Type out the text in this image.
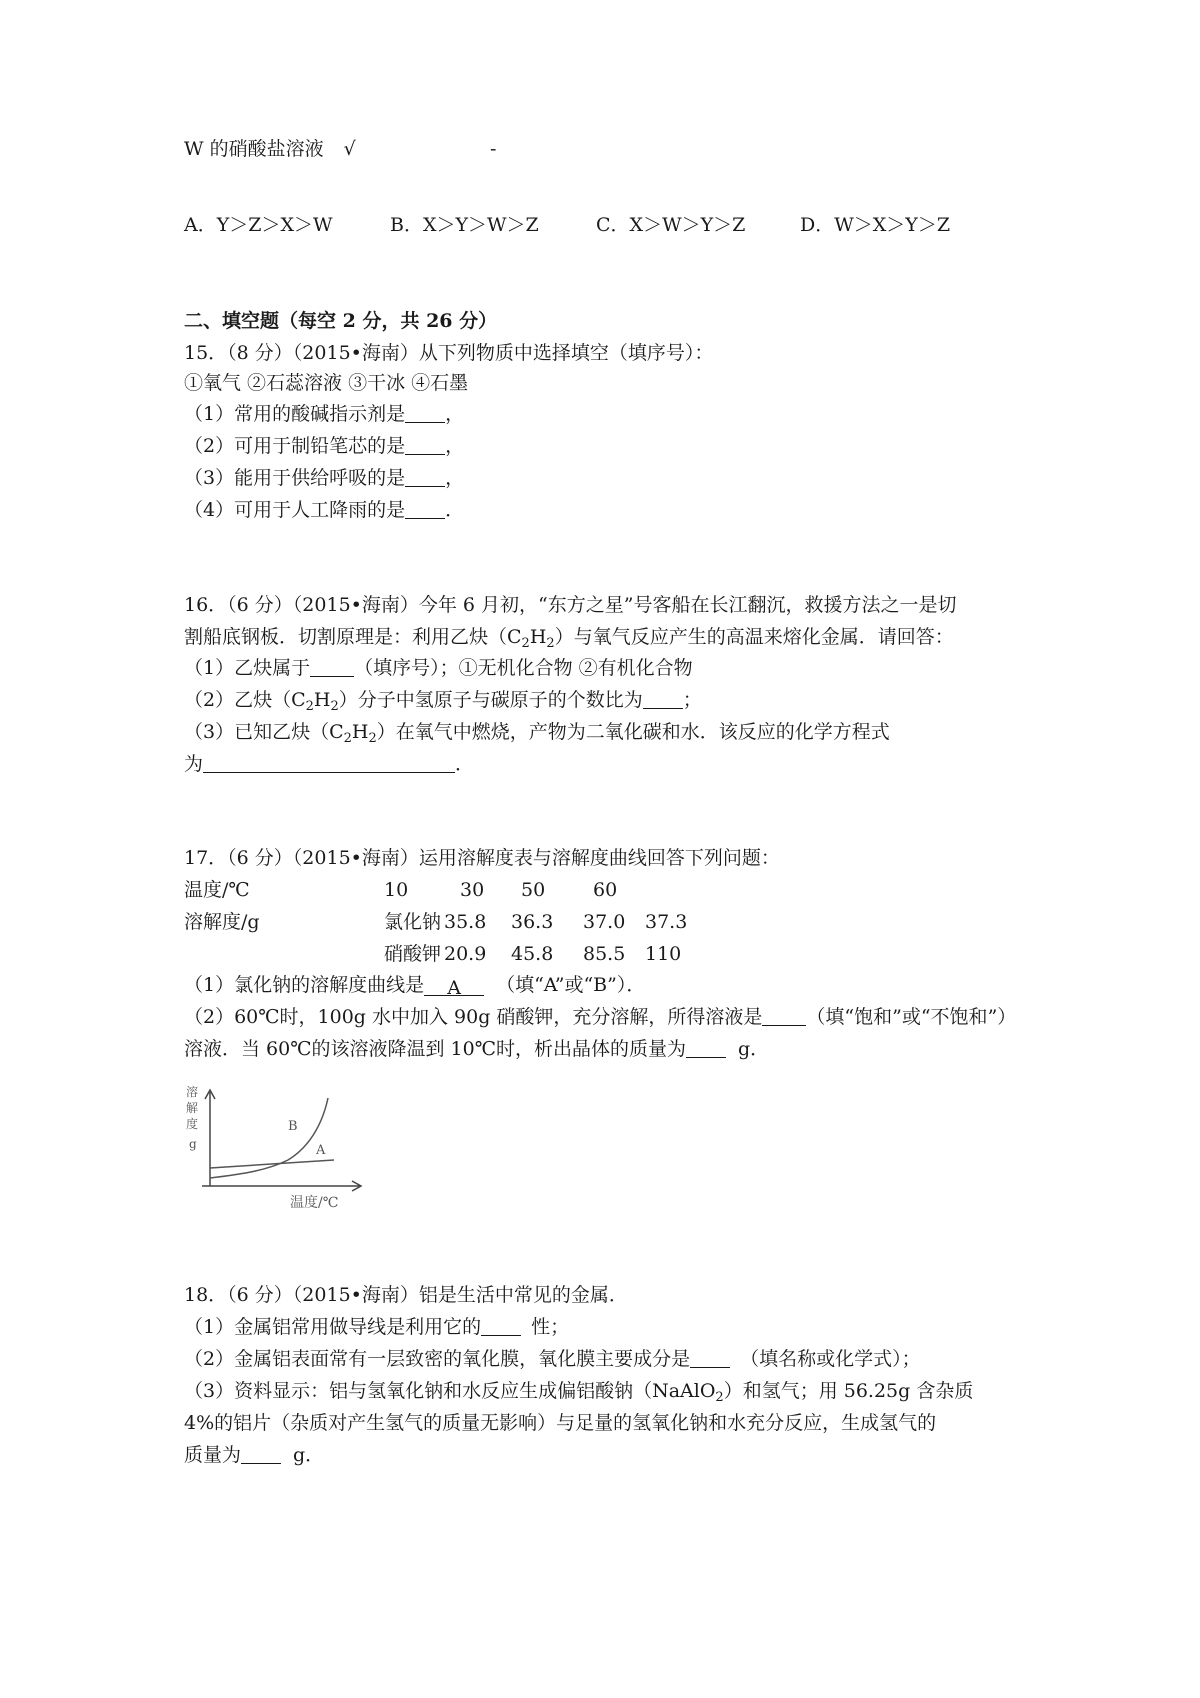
W 的硝酸盐溶液 √	-
A．Y＞Z＞X＞W	B．X＞Y＞W＞Z	C．X＞W＞Y＞Z	D．W＞X＞Y＞Z
二、填空题（每空 2 分，共 26 分）
15．（8 分）（2015•海南）从下列物质中选择填空（填序号）：
①氧气 ②石蕊溶液 ③干冰 ④石墨
（1）常用的酸碱指示剂是 ，
（2）可用于制铅笔芯的是 ，
（3）能用于供给呼吸的是 ，
（4）可用于人工降雨的是 ．
16．（6 分）（2015•海南）今年 6 月初，“东方之星”号客船在长江翻沉，救援方法之一是切
割船底钢板．切割原理是：利用乙炔$(C_2H_2)$与氧气反应产生的高温来熔化金属．请回答：
（1）乙炔属于 （填序号）；①无机化合物 ②有机化合物
（2）乙炔$(C_2H_2)$分子中氢原子与碳原子的个数比为 ；
（3）已知乙炔$(C_2H_2)$在氧气中燃烧，产物为二氧化碳和水．该反应的化学方程式
为	．
17．（6 分）（2015•海南）运用溶解度表与溶解度曲线回答下列问题：
温度/℃	10	30 50	60
溶解度/g	氯化钠 35.8 36.3 37.0 37.3
硝酸钾 20.9 45.8 85.5 110
（1）氯化钠的溶解度曲线是 A （填“A”或“B”）．
（2）60℃时，100g 水中加入 90g 硝酸钾，充分溶解，所得溶液是 （填“饱和”或“不饱和”）
溶液．当 60℃的该溶液降温到 10℃时，析出晶体的质量为	g．
溶
解
度
g
温度/℃
B
A
18．（6 分）（2015•海南）铝是生活中常见的金属．
（1）金属铝常用做导线是利用它的	性；
（2）金属铝表面常有一层致密的氧化膜，氧化膜主要成分是	（填名称或化学式）；
（3）资料显示：铝与氢氧化钠和水反应生成偏铝酸钠（NaAlO$_2$）和氢气；用 56.25g 含杂质
4%的铝片（杂质对产生氢气的质量无影响）与足量的氢氧化钠和水充分反应，生成氢气的
质量为	g．
